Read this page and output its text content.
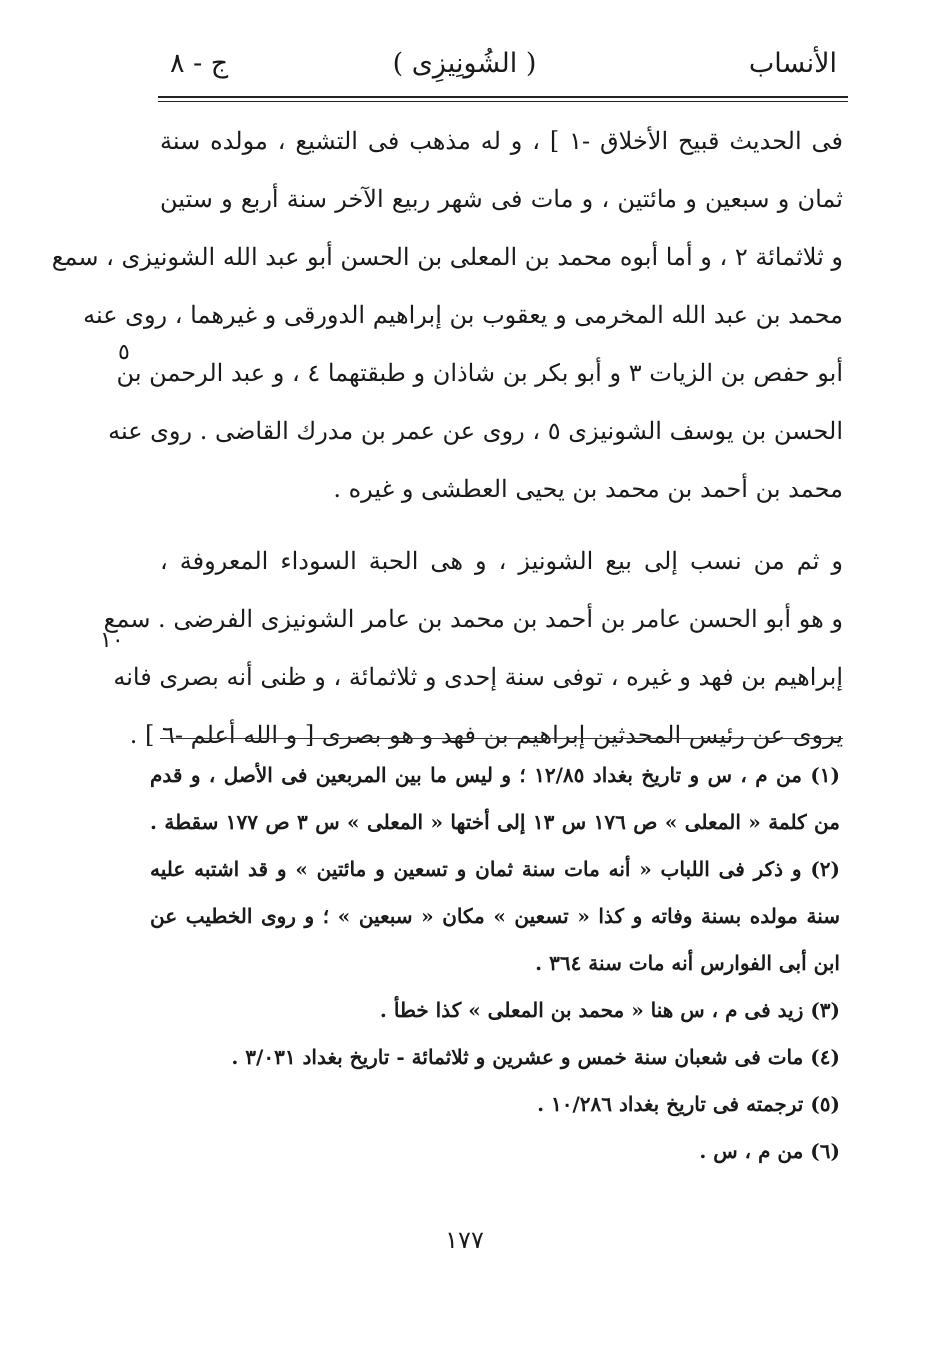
الأنساب
( الشُونِيزِى )
ج - ٨
فى الحديث قبيح الأخلاق -١ ] ، و له مذهب فى التشيع ، مولده سنة
ثمان و سبعين و مائتين ، و مات فى شهر ربيع الآخر سنة أربع و ستين
و ثلاثمائة ٢ ، و أما أبوه محمد بن المعلى بن الحسن أبو عبد الله الشونيزى ، سمع
محمد بن عبد الله المخرمى و يعقوب بن إبراهيم الدورقى و غيرهما ، روى عنه
أبو حفص بن الزيات ٣ و أبو بكر بن شاذان و طبقتهما ٤ ، و عبد الرحمن بن
الحسن بن يوسف الشونيزى ٥ ، روى عن عمر بن مدرك القاضى . روى عنه
محمد بن أحمد بن محمد بن يحيى العطشى و غيره .
و ثم من نسب إلى بيع الشونيز ، و هى الحبة السوداء المعروفة ،
و هو أبو الحسن عامر بن أحمد بن محمد بن عامر الشونيزى الفرضى . سمع
إبراهيم بن فهد و غيره ، توفى سنة إحدى و ثلاثمائة ، و ظنى أنه بصرى فانه
يروى عن رئيس المحدثين إبراهيم بن فهد و هو بصرى [ و الله أعلم -٦ ] .
٥
١٠
(١) من م ، س و تاريخ بغداد ١٢/٨٥ ؛ و ليس ما بين المربعين فى الأصل ، و قدم
من كلمة « المعلى » ص ١٧٦ س ١٣ إلى أختها « المعلى » س ٣ ص ١٧٧ سقطة .
(٢) و ذكر فى اللباب « أنه مات سنة ثمان و تسعين و مائتين » و قد اشتبه عليه
سنة مولده بسنة وفاته و كذا « تسعين » مكان « سبعين » ؛ و روى الخطيب عن
ابن أبى الفوارس أنه مات سنة ٣٦٤ .
(٣) زيد فى م ، س هنا « محمد بن المعلى » كذا خطأ .
(٤) مات فى شعبان سنة خمس و عشرين و ثلاثمائة - تاريخ بغداد ٣/٠٣١ .
(٥) ترجمته فى تاريخ بغداد ١٠/٢٨٦ .
(٦) من م ، س .
١٧٧
